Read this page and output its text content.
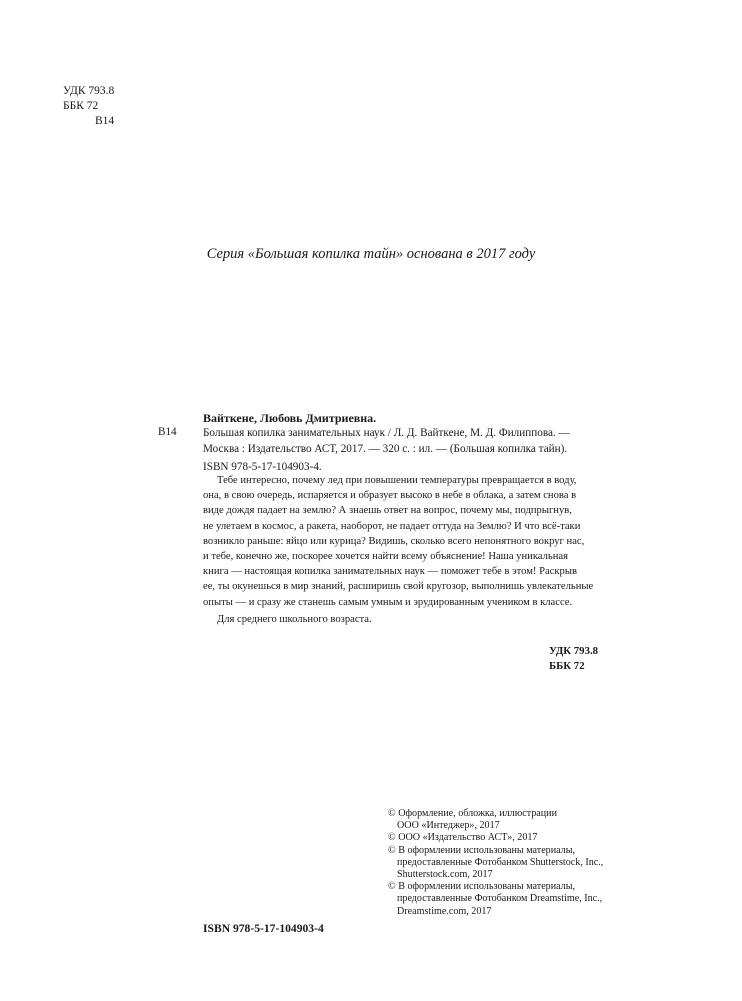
УДК 793.8
ББК 72
В14
Серия «Большая копилка тайн» основана в 2017 году
В14
Вайткене, Любовь Дмитриевна.
Большая копилка занимательных наук / Л. Д. Вайткене, М. Д. Филиппова. —
Москва : Издательство АСТ, 2017. — 320 с. : ил. — (Большая копилка тайн).
ISBN 978-5-17-104903-4.

Тебе интересно, почему лед при повышении температуры превращается в воду,

она, в свою очередь, испаряется и образует высоко в небе в облака, а затем снова в
виде дождя падает на землю? А знаешь ответ на вопрос, почему мы, подпрыгнув,
не улетаем в космос, а ракета, наоборот, не падает оттуда на Землю? И что всё-таки
возникло раньше: яйцо или курица? Видишь, сколько всего непонятного вокруг нас,
и тебе, конечно же, поскорее хочется найти всему объяснение! Наша уникальная
книга — настоящая копилка занимательных наук — поможет тебе в этом! Раскрыв
ее, ты окунешься в мир знаний, расширишь свой кругозор, выполнишь увлекательные
опыты — и сразу же станешь самым умным и эрудированным учеником в классе.

Для среднего школьного возраста.

УДК 793.8
ББК 72
© Оформление, обложка, иллюстрации
ООО «Интеджер», 2017
© ООО «Издательство АСТ», 2017
© В оформлении использованы материалы,
предоставленные Фотобанком Shutterstock, Inc.,
Shutterstock.com, 2017
© В оформлении использованы материалы,
предоставленные Фотобанком Dreamstime, Inc.,
Dreamstime.com, 2017
ISBN 978-5-17-104903-4
